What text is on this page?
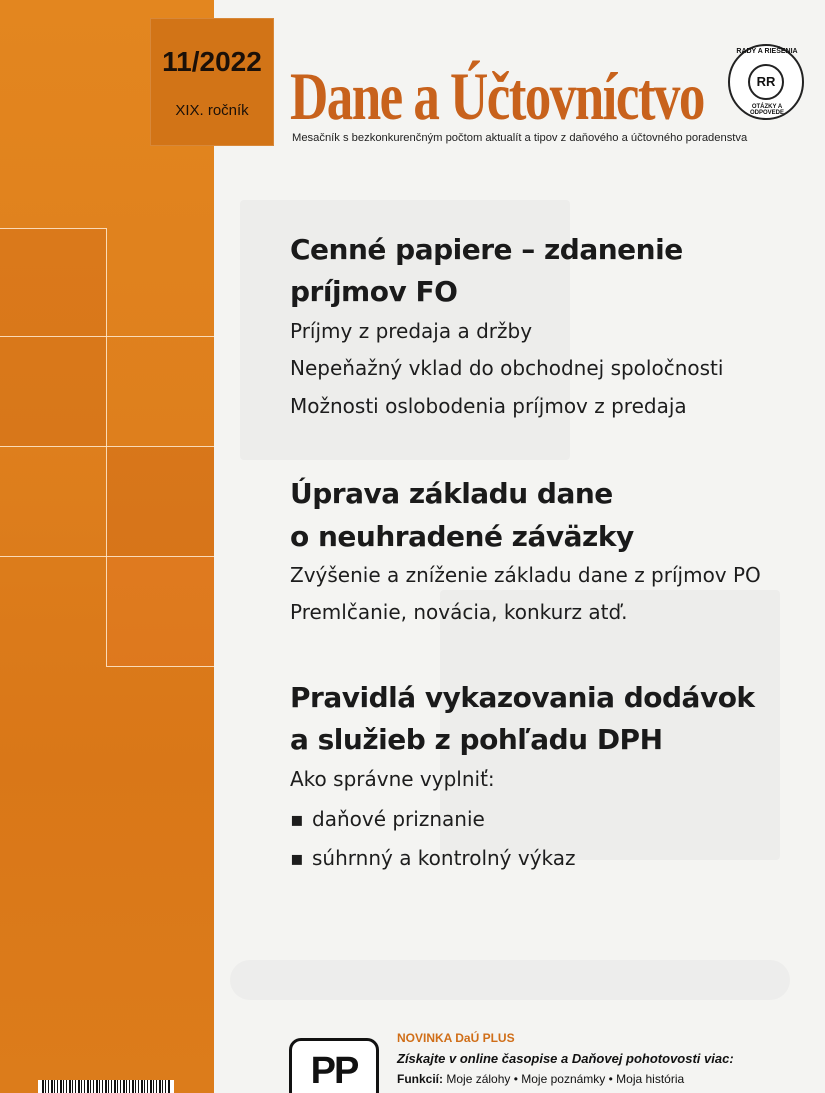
11/2022
XIX. ročník Dane a Účtovníctvo
Mesačník s bezkonkurenčným počtom aktualít a tipov z daňového a účtovného poradenstva
RADY A RIEŠENIA
RR
OTÁZKY A ODPOVEDE
Cenné papiere – zdanenie
príjmov FO
Príjmy z predaja a držby
Nepeňažný vklad do obchodnej spoločnosti
Možnosti oslobodenia príjmov z predaja
Úprava základu dane
o neuhradené záväzky
Zvýšenie a zníženie základu dane z príjmov PO
Premlčanie, novácia, konkurz atď.
Pravidlá vykazovania dodávok
a služieb z pohľadu DPH
Ako správne vyplniť:
▪ daňové priznanie
▪ súhrnný a kontrolný výkaz
PP
NOVINKA DaÚ PLUS
Získajte v online časopise a Daňovej pohotovosti viac:
Funkcií: Moje zálohy • Moje poznámky • Moja história
